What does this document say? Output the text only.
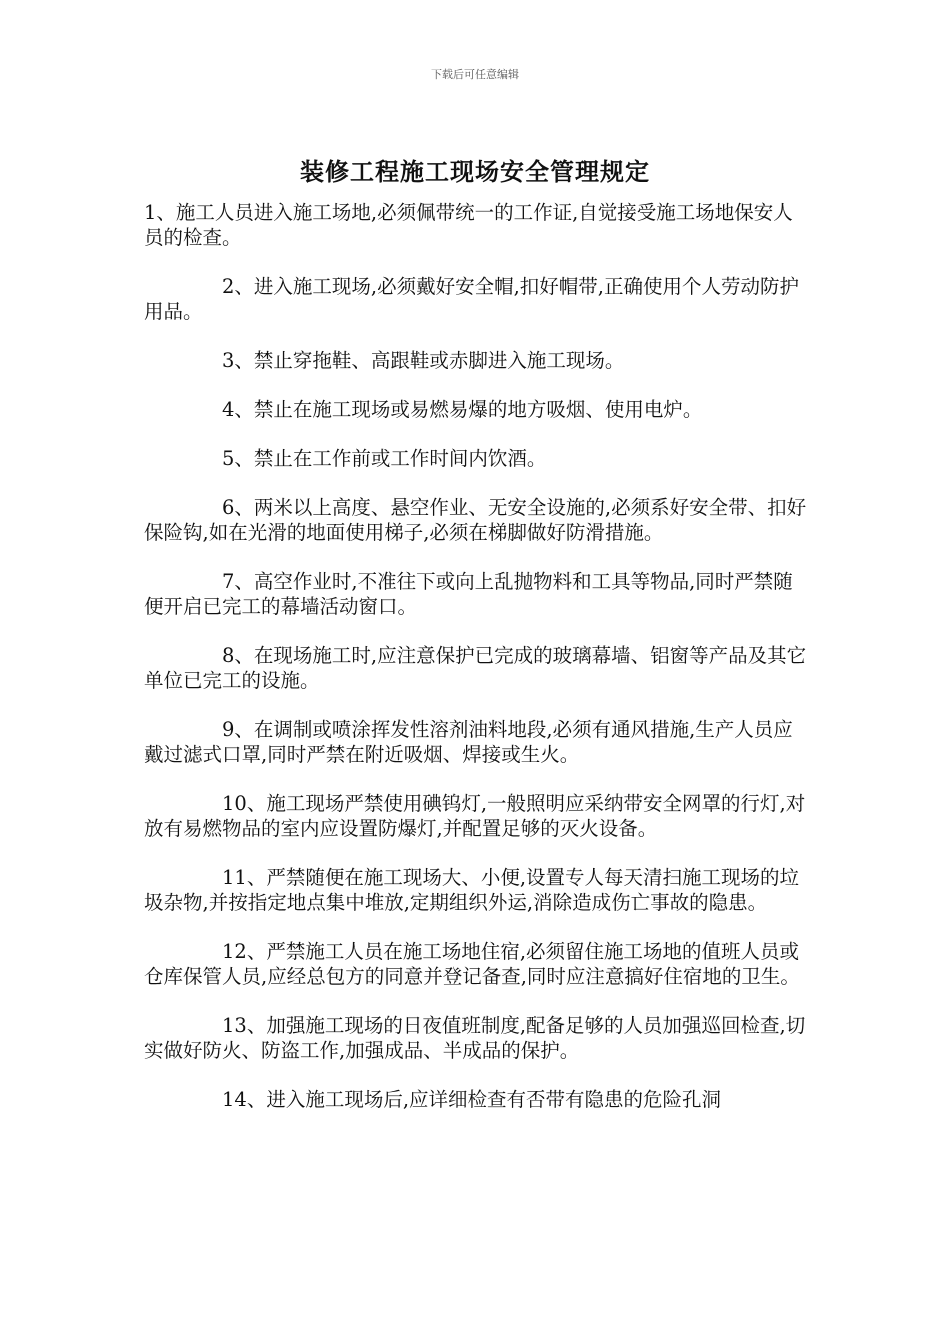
下载后可任意编辑
装修工程施工现场安全管理规定

1、施工人员进入施工场地,必须佩带统一的工作证,自觉接受施工场地保安人员的检查。

2、进入施工现场,必须戴好安全帽,扣好帽带,正确使用个人劳动防护用品。

3、禁止穿拖鞋、高跟鞋或赤脚进入施工现场。

4、禁止在施工现场或易燃易爆的地方吸烟、使用电炉。

5、禁止在工作前或工作时间内饮酒。

6、两米以上高度、悬空作业、无安全设施的,必须系好安全带、扣好保险钩,如在光滑的地面使用梯子,必须在梯脚做好防滑措施。

7、高空作业时,不准往下或向上乱抛物料和工具等物品,同时严禁随便开启已完工的幕墙活动窗口。

8、在现场施工时,应注意保护已完成的玻璃幕墙、铝窗等产品及其它单位已完工的设施。

9、在调制或喷涂挥发性溶剂油料地段,必须有通风措施,生产人员应戴过滤式口罩,同时严禁在附近吸烟、焊接或生火。

10、施工现场严禁使用碘钨灯,一般照明应采纳带安全网罩的行灯,对放有易燃物品的室内应设置防爆灯,并配置足够的灭火设备。

11、严禁随便在施工现场大、小便,设置专人每天清扫施工现场的垃圾杂物,并按指定地点集中堆放,定期组织外运,消除造成伤亡事故的隐患。

12、严禁施工人员在施工场地住宿,必须留住施工场地的值班人员或仓库保管人员,应经总包方的同意并登记备查,同时应注意搞好住宿地的卫生。

13、加强施工现场的日夜值班制度,配备足够的人员加强巡回检查,切实做好防火、防盗工作,加强成品、半成品的保护。

14、进入施工现场后,应详细检查有否带有隐患的危险孔洞
